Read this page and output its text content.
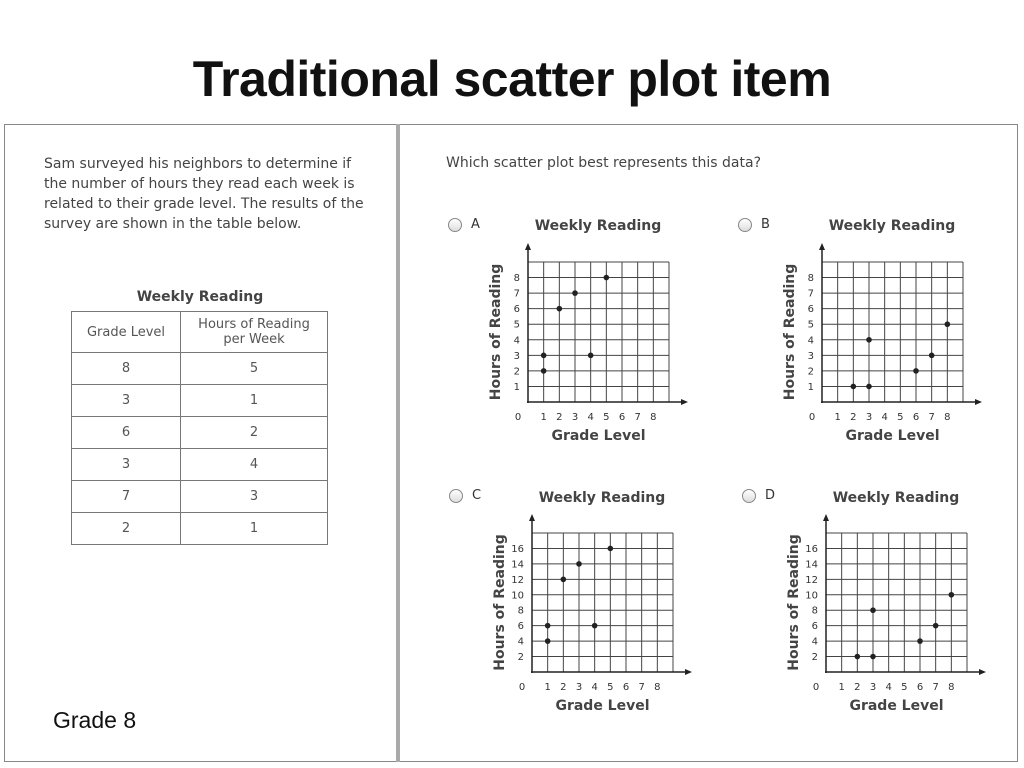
Traditional scatter plot item
Sam surveyed his neighbors to determine if the number of hours they read each week is related to their grade level. The results of the survey are shown in the table below.
Weekly Reading
Grade Level	Hours of Reading per Week

8	5
3	1
6	2
3	4
7	3
2	1
Grade 8
Which scatter plot best represents this data?
A	B
C	D
Hours of Reading
Weekly Reading
1 2 3 4 5 6 7 8
0
1
2
3
4
5
6
7
8
Grade Level
Hours of Reading
Weekly Reading
1 2 3 4 5 6 7 8
0
1
2
3
4
5
6
7
8
Grade Level
Hours of Reading
Weekly Reading
1 2 3 4 5 6 7 8
0
2
4
6
8
10
12
14
16
Grade Level
Hours of Reading
Weekly Reading
1 2 3 4 5 6 7 8
0
2
4
6
8
10
12
14
16
Grade Level
